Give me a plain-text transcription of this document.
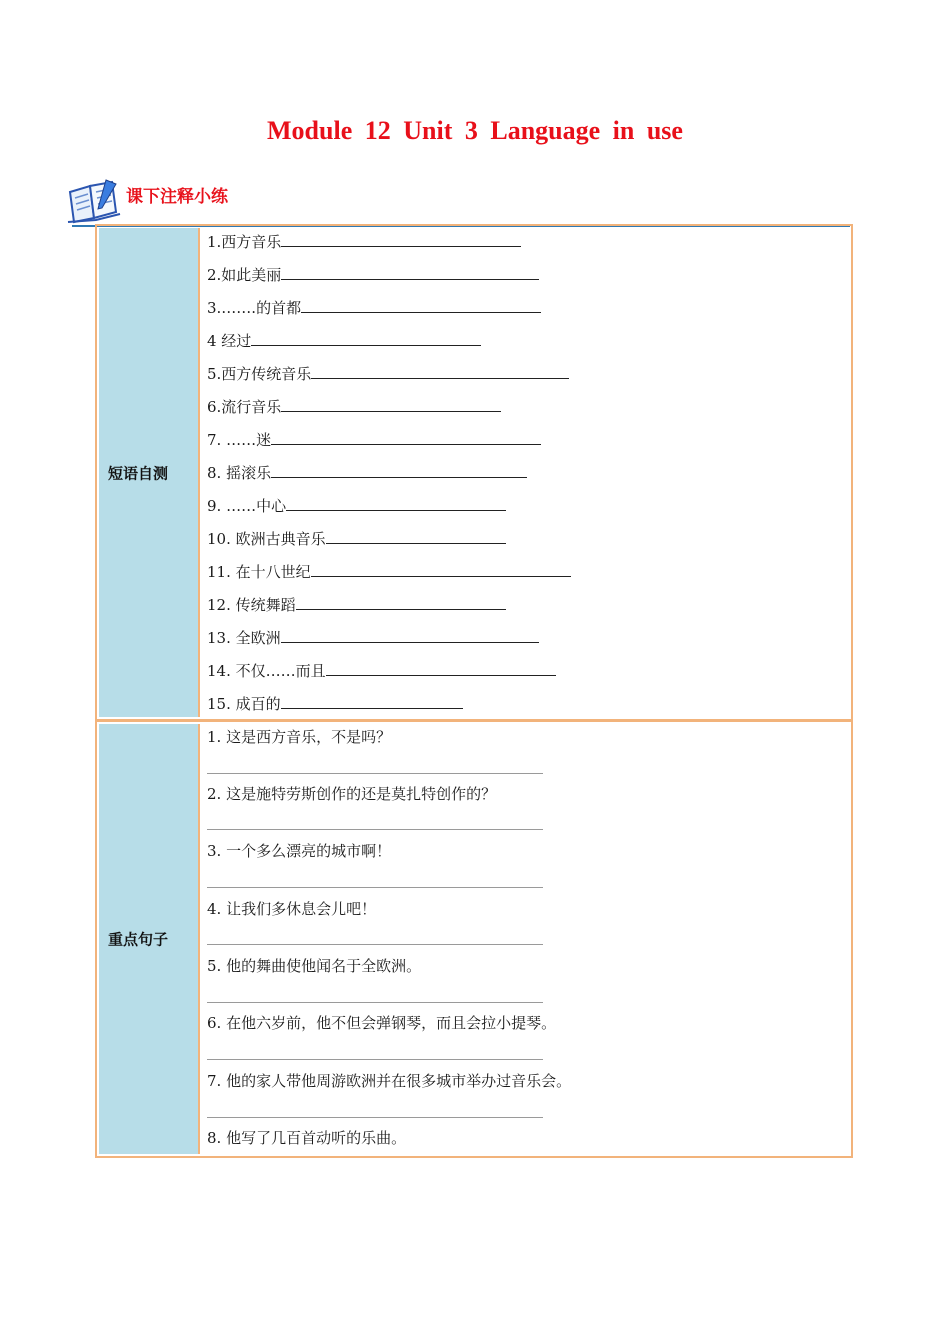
Module 12 Unit 3 Language in use
课下注释小练
短语自测
1.西方音乐
2.如此美丽
3.…….的首都
4 经过
5.西方传统音乐
6.流行音乐
7. ……迷
8. 摇滚乐
9. ……中心
10. 欧洲古典音乐
11. 在十八世纪
12. 传统舞蹈
13. 全欧洲
14. 不仅……而且
15. 成百的
重点句子
1. 这是西方音乐，不是吗？
2. 这是施特劳斯创作的还是莫扎特创作的？
3. 一个多么漂亮的城市啊！
4. 让我们多休息会儿吧！
5. 他的舞曲使他闻名于全欧洲。
6. 在他六岁前，他不但会弹钢琴，而且会拉小提琴。
7. 他的家人带他周游欧洲并在很多城市举办过音乐会。
8. 他写了几百首动听的乐曲。
